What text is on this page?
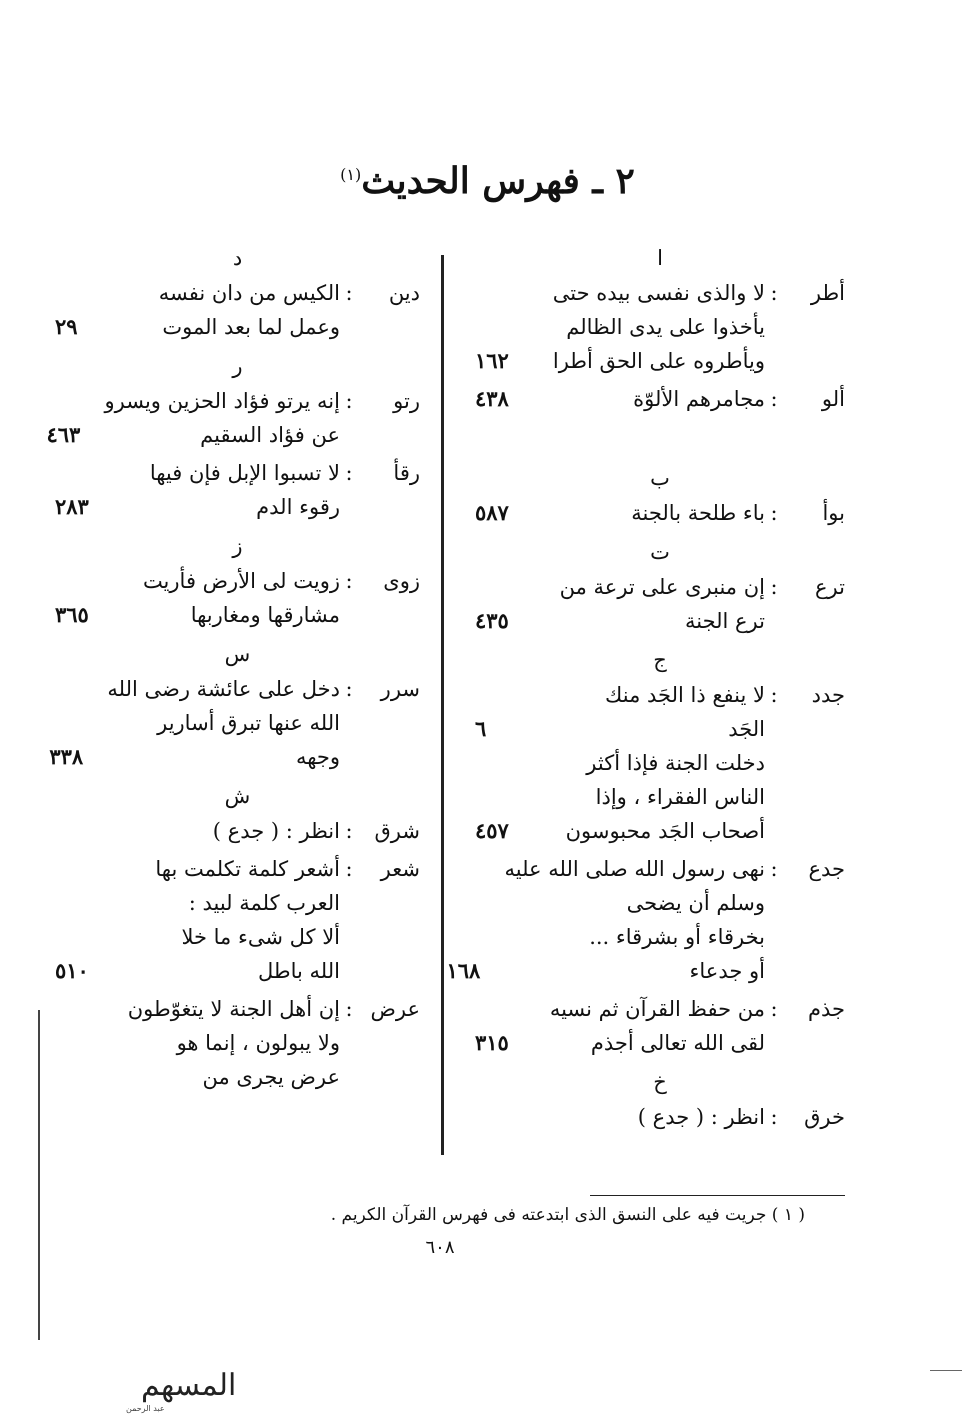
٢ ـ فهرس الحديث$^{(١)}$
ا
أطر
:
لا والذى نفسى بيده حتى
يأخذوا على يدى الظالم
ويأطروه على الحق أطرا
١٦٢
ألو
:
مجامرهم الألوّة
٤٣٨
ب
بوأ
:
باء طلحة بالجنة
٥٨٧
ت
ترع
:
إن منبرى على ترعة من
ترع الجنة
٤٣٥
ج
جدد
:
لا ينفع ذا الجَد منك
الجَد
٦
دخلت الجنة فإذا أكثر
الناس الفقراء ، وإذا
أصحاب الجَد محبوسون
٤٥٧
جدع
:
نهى رسول الله صلى الله عليه
وسلم أن يضحى
بخرقاء أو بشرقاء ...
أو جدعاء
١٦٨
جذم
:
من حفظ القرآن ثم نسيه
لقى الله تعالى أجذم
٣١٥
خ
خرق
:
انظر : ( جدع )
د
دين
:
الكيس من دان نفسه
وعمل لما بعد الموت
٢٩
ر
رتو
:
إنه يرتو فؤاد الحزين ويسرو
عن فؤاد السقيم
٤٦٣
رقأ
:
لا تسبوا الإبل فإن فيها
رقوء الدم
٢٨٣
ز
زوى
:
زويت لى الأرض فأريت
مشارقها ومغاربها
٣٦٥
س
سرر
:
دخل على عائشة رضى الله
الله عنها تبرق أسارير
وجهه
٣٣٨
ش
شرق
:
انظر : ( جدع )
شعر
:
أشعر كلمة تكلمت بها
العرب كلمة لبيد :
ألا كل شىء ما خلا
الله باطل
٥١٠
عرض
:
إن أهل الجنة لا يتغوّطون
ولا يبولون ، إنما هو
عرض يجرى من
( ١ ) جريت فيه على النسق الذى ابتدعته فى فهرس القرآن الكريم .
٦٠٨
المسهم
عبد الرحمن
